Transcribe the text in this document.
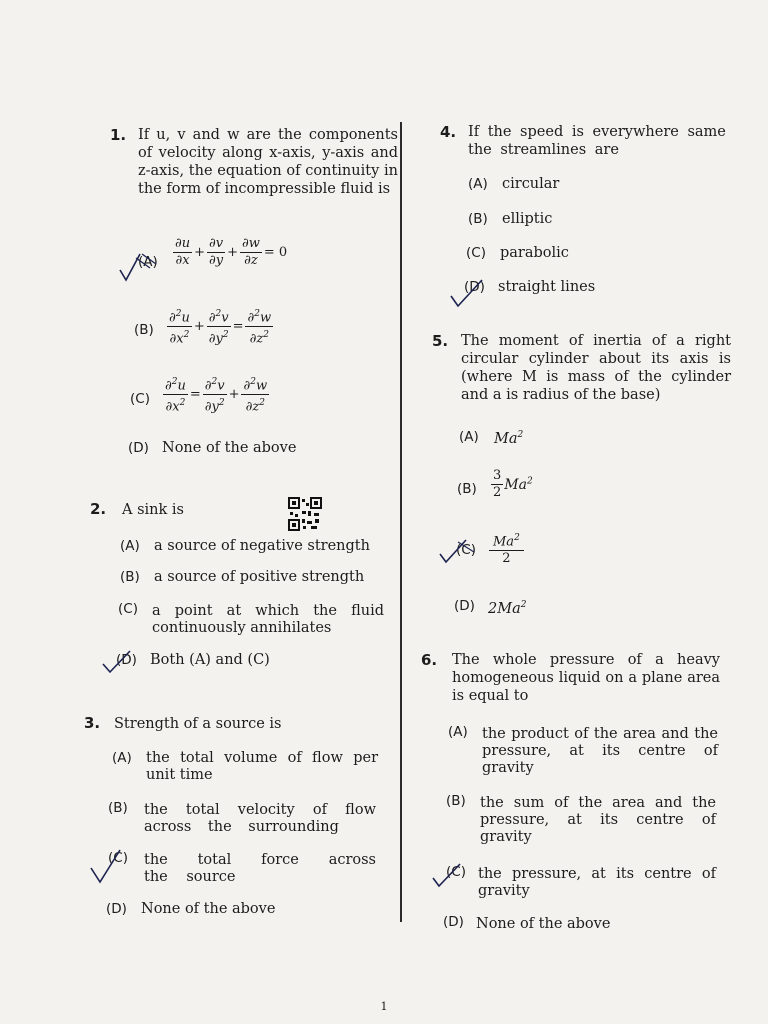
1. If u, v and w are the components of velocity along x-axis, y-axis and z-axis, the equation of continuity in the form of incompressible fluid is
$(A) \frac{\partial u}{\partial x} + \frac{\partial v}{\partial y} + \frac{\partial w}{\partial z} = 0$
$(B) \frac{\partial^2u}{\partial x^2} + \frac{\partial^2v}{\partial y^2} = \frac{\partial^2w}{\partial z^2}$
$(C) \frac{\partial^2u}{\partial x^2} = \frac{\partial^2v}{\partial y^2} + \frac{\partial^2w}{\partial z^2}$
(D) None of the above
2. A sink is
(A) a source of negative strength
(B) a source of positive strength
(C) a point at which the fluid continuously annihilates
(D) Both (A) and (C)
3. Strength of a source is
(A) the total volume of flow per unit time
(B) the total velocity of flow across the surrounding
(C) the total force across the source
(D) None of the above
4. If the speed is everywhere same the streamlines are
(A) circular
(B) elliptic
(C) parabolic
(D) straight lines
5. The moment of inertia of a right circular cylinder about its axis is (where M is mass of the cylinder and a is radius of the base)
(A) Ma$^2$
$(B) \frac{3}{2} Ma^2$
$(C) \frac{Ma^2}{2}$
(D) 2Ma$^2$
6. The whole pressure of a heavy homogeneous liquid on a plane area is equal to
(A) the product of the area and the pressure, at its centre of gravity
(B) the sum of the area and the pressure, at its centre of gravity
(C) the pressure, at its centre of gravity
(D) None of the above
1
